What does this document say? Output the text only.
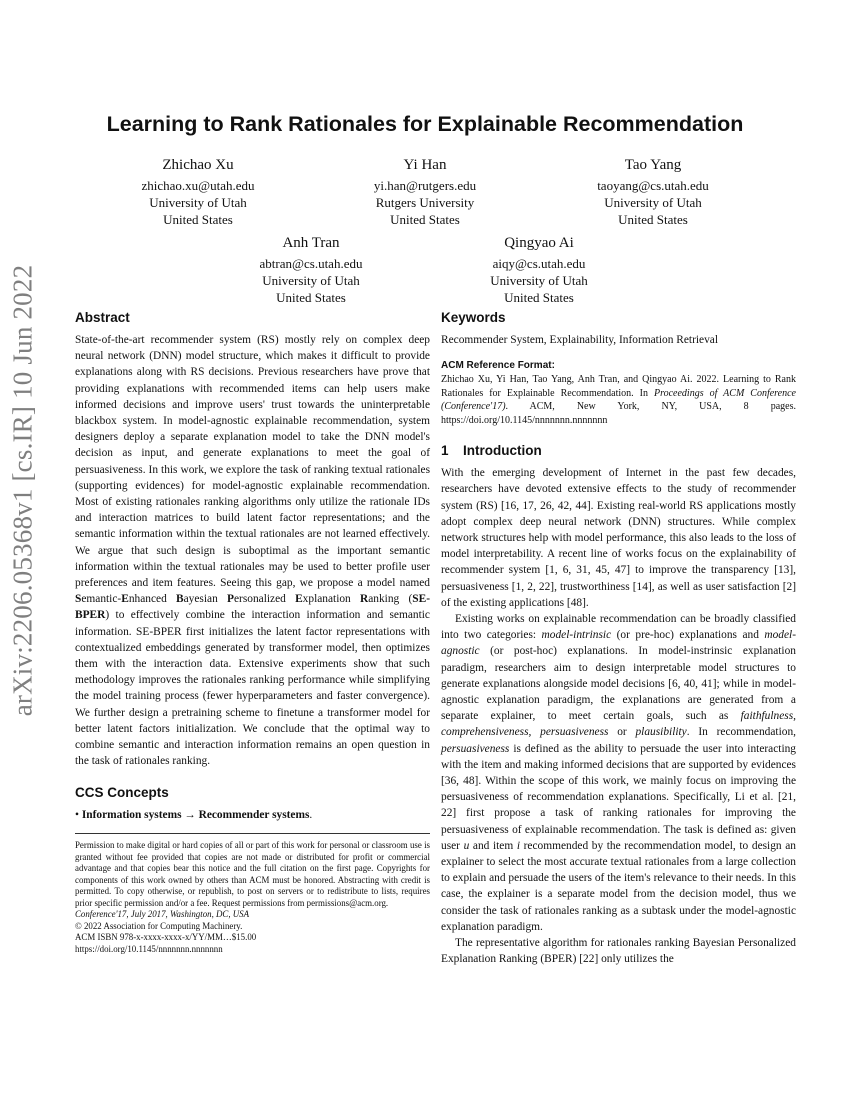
arXiv:2206.05368v1 [cs.IR] 10 Jun 2022
Learning to Rank Rationales for Explainable Recommendation
Zhichao Xu
zhichao.xu@utah.edu
University of Utah
United States
Yi Han
yi.han@rutgers.edu
Rutgers University
United States
Tao Yang
taoyang@cs.utah.edu
University of Utah
United States
Anh Tran
abtran@cs.utah.edu
University of Utah
United States
Qingyao Ai
aiqy@cs.utah.edu
University of Utah
United States
Abstract

State-of-the-art recommender system (RS) mostly rely on complex deep neural network (DNN) model structure, which makes it difficult to provide explanations along with RS decisions. Previous researchers have prove that providing explanations with recommended items can help users make informed decisions and improve users' trust towards the uninterpretable blackbox system. In model-agnostic explainable recommendation, system designers deploy a separate explanation model to take the DNN model's decision as input, and generate explanations to meet the goal of persuasiveness. In this work, we explore the task of ranking textual rationales (supporting evidences) for model-agnostic explainable recommendation. Most of existing rationales ranking algorithms only utilize the rationale IDs and interaction matrices to build latent factor representations; and the semantic information within the textual rationales are not learned effectively. We argue that such design is suboptimal as the important semantic information within the textual rationales may be used to better profile user preferences and item features. Seeing this gap, we propose a model named Semantic-Enhanced Bayesian Personalized Explanation Ranking (SE-BPER) to effectively combine the interaction information and semantic information. SE-BPER first initializes the latent factor representations with contextualized embeddings generated by transformer model, then optimizes them with the interaction data. Extensive experiments show that such methodology improves the rationales ranking performance while simplifying the model training process (fewer hyperparameters and faster convergence). We further design a pretraining scheme to finetune a transformer model for better latent factors initialization. We conclude that the optimal way to combine semantic and interaction information remains an open question in the task of rationales ranking.

CCS Concepts
• Information systems → Recommender systems.

Permission to make digital or hard copies of all or part of this work for personal or classroom use is granted without fee provided that copies are not made or distributed for profit or commercial advantage and that copies bear this notice and the full citation on the first page. Copyrights for components of this work owned by others than ACM must be honored. Abstracting with credit is permitted. To copy otherwise, or republish, to post on servers or to redistribute to lists, requires prior specific permission and/or a fee. Request permissions from permissions@acm.org.

Conference'17, July 2017, Washington, DC, USA
© 2022 Association for Computing Machinery.
ACM ISBN 978-x-xxxx-xxxx-x/YY/MM…$15.00
https://doi.org/10.1145/nnnnnnn.nnnnnnn
Keywords

Recommender System, Explainability, Information Retrieval

ACM Reference Format:

Zhichao Xu, Yi Han, Tao Yang, Anh Tran, and Qingyao Ai. 2022. Learning to Rank Rationales for Explainable Recommendation. In Proceedings of ACM Conference (Conference'17). ACM, New York, NY, USA, 8 pages. https://doi.org/10.1145/nnnnnnn.nnnnnnn

1 Introduction

With the emerging development of Internet in the past few decades, researchers have devoted extensive effects to the study of recommender system (RS) [16, 17, 26, 42, 44]. Existing real-world RS applications mostly adopt complex deep neural network (DNN) structures. While complex network structures help with model performance, this also leads to the loss of model interpretability. A recent line of works focus on the explainability of recommender system [1, 6, 31, 45, 47] to improve the transparency [13], persuasiveness [1, 2, 22], trustworthiness [14], as well as user satisfaction [2] of the existing applications [48].

Existing works on explainable recommendation can be broadly classified into two categories: model-intrinsic (or pre-hoc) explanations and model-agnostic (or post-hoc) explanations. In model-instrinsic explanation paradigm, researchers aim to design interpretable model structures to generate explanations alongside model decisions [6, 40, 41]; while in model-agnostic explanation paradigm, the explanations are generated from a separate explainer, to meet certain goals, such as faithfulness, comprehensiveness, persuasiveness or plausibility. In recommendation, persuasiveness is defined as the ability to persuade the user into interacting with the item and making informed decisions that are supported by evidences [36, 48]. Within the scope of this work, we mainly focus on improving the persuasiveness of recommendation explanations. Specifically, Li et al. [21, 22] first propose a task of ranking rationales for improving the persuasiveness of explainable recommendation. The task is defined as: given user u and item i recommended by the recommendation model, to design an explainer to select the most accurate textual rationales from a large collection to explain and persuade the users of the item's relevance to their needs. In this case, the explainer is a separate model from the decision model, thus we consider the task of rationales ranking as a subtask under the model-agnostic explanation paradigm.

The representative algorithm for rationales ranking Bayesian Personalized Explanation Ranking (BPER) [22] only utilizes the
